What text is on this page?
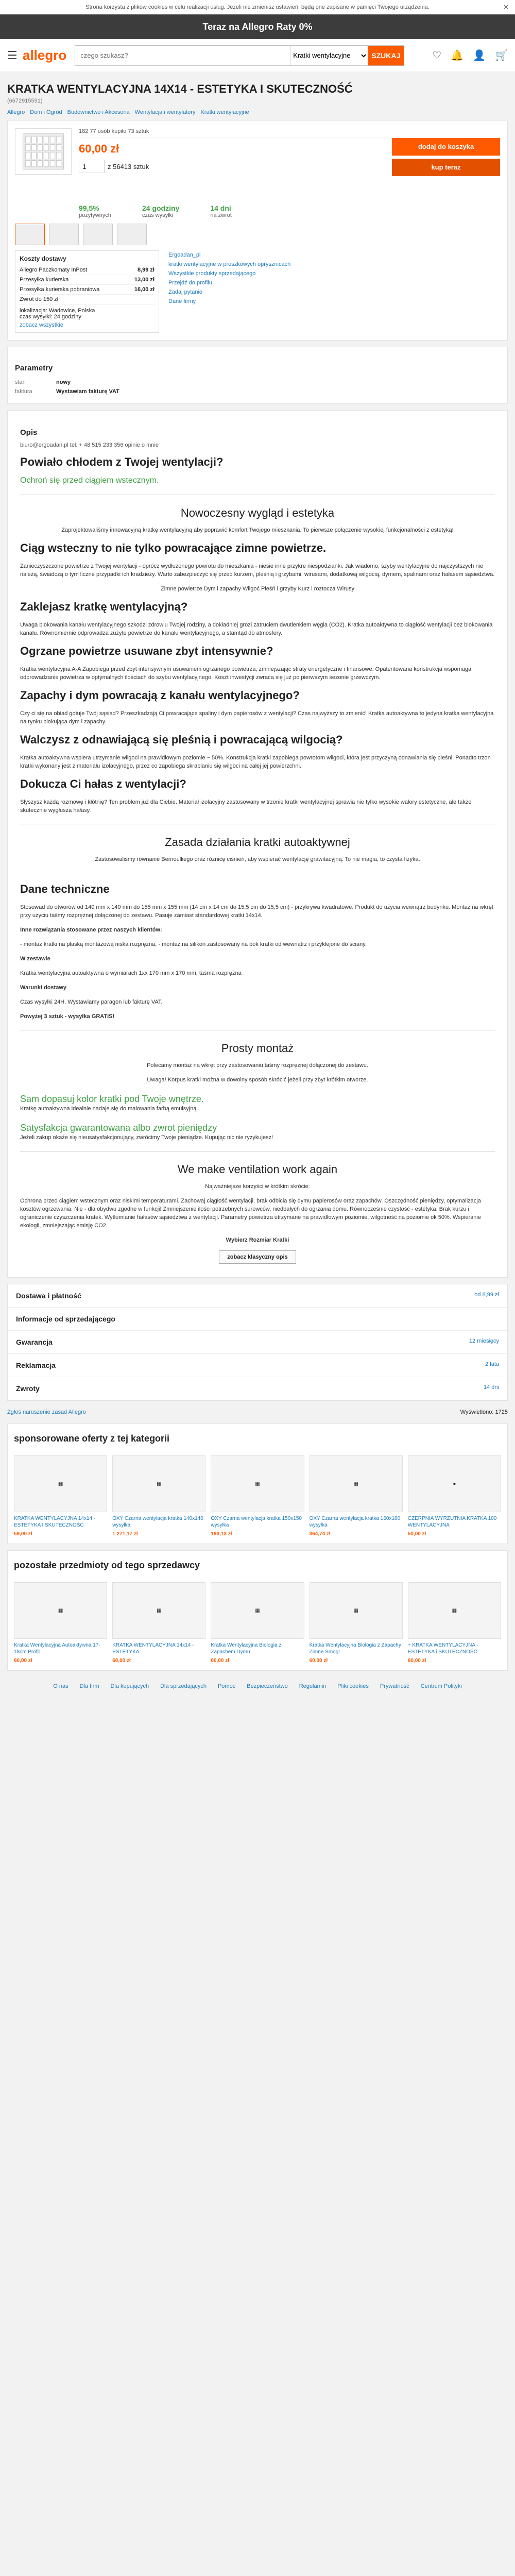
Strona korzysta z plików cookies w celu realizacji usług. Jeżeli nie zmienisz ustawień, będą one zapisane w pamięci Twojego urządzenia.	✕
Teraz na Allegro Raty 0%
☰ allegro
czego szukasz?
Kratki wentylacyjne	SZUKAJ	♡ 🔔 👤 🛒
KRATKA WENTYLACYJNA 14X14 - ESTETYKA I SKUTECZNOŚĆ
(6672915591)
Allegro Dom i Ogród Budownictwo i Akcesoria Wentylacja i wentylatory Kratki wentylacyjne
182 77 osób kupiło 73 sztuk
dodaj do koszyka
kup teraz
60,00 zł
1
z 56413 sztuk
99,5%
pozytywnych
24 godziny
czas wysyłki
14 dni
na zwrot
Koszty dostawy
Allegro Paczkomaty InPost	8,99 zł
Przesyłka kurierska	13,00 zł
Przesyłka kurierska pobraniowa	16,00 zł
Zwrot do 150 zł
lokalizacja: Wadowice, Polska
czas wysyłki: 24 godziny
zobacz wszystkie
Ergoadan_pl
kratki wentylacyjne w proszkowych oprysznicach
Wszystkie produkty sprzedającego
Przejdź do profilu
Zadaj pytanie
Dane firmy
Parametry
stan	nowy
faktura	Wystawiam fakturę VAT
Opis
biuro@ergoadan.pl tel. + 48 515 233 356 opinie o mnie
Powiało chłodem z Twojej wentylacji?
Ochroń się przed ciągiem wstecznym.
Nowoczesny wygląd i estetyka
Zaprojektowaliśmy innowacyjną kratkę wentylacyjną aby poprawić komfort Twojego mieszkania. To pierwsze połączenie wysokiej funkcjonalności z estetyką!
Ciąg wsteczny to nie tylko powracające zimne powietrze.
Zanieczyszczone powietrze z Twojej wentylacji - oprócz wydłużonego powrotu do mieszkania - niesie inne przykre niespodzianki. Jak wiadomo, szyby wentylacyjne do najczystszych nie należą, świadczą o tym liczne przypadki ich kradzieży. Warto zabezpieczyć się przed kurzem, pleśnią i grzybami, wirusami, dodatkową wilgocią, dymem, spalinami oraz hałasem sąsiedztwa.
Zimne powietrze Dym i zapachy Wilgoć Pleśń i grzyby Kurz i roztocza Wirusy
Zaklejasz kratkę wentylacyjną?
Uwaga blokowania kanału wentylacyjnego szkodzi zdrowiu Twojej rodziny, a dokładniej grozi zatruciem dwutlenkiem węgla (CO2). Kratka autoaktywna to ciągłość wentylacji bez blokowania kanału. Równomiernie odprowadza zużyte powietrze do kanału wentylacyjnego, a stamtąd do atmosfery.
Ogrzane powietrze usuwane zbyt intensywnie?
Kratka wentylacyjna A-A Zapobiega przed zbyt intensywnym usuwaniem ogrzanego powietrza, zmniejszając straty energetyczne i finansowe. Opatentowana konstrukcja wspomaga odprowadzanie powietrza w optymalnych ilościach do szybu wentylacyjnego. Koszt inwestycji zwraca się już po pierwszym sezonie grzewczym.
Zapachy i dym powracają z kanału wentylacyjnego?
Czy ci się na obiad gotuje Twój sąsiad? Przeszkadzają Ci powracające spaliny i dym papierosów z wentylacji? Czas najwyższy to zmienić! Kratka autoaktywna to jedyna kratka wentylacyjna na rynku blokująca dym i zapachy.
Walczysz z odnawiającą się pleśnią i powracającą wilgocią?
Kratka autoaktywna wspiera utrzymanie wilgoci na prawidłowym poziomie ~ 50%. Konstrukcja kratki zapobiega powrotom wilgoci, która jest przyczyną odnawiania się pleśni. Ponadto trzon kratki wykonany jest z materiału izolacyjnego, przez co zapobiega skraplaniu się wilgoci na całej jej powierzchni.
Dokucza Ci hałas z wentylacji?
Słyszysz każdą rozmowę i kłótnię? Ten problem już dla Ciebie. Materiał izolacyjny zastosowany w trzonie kratki wentylacyjnej sprawia nie tylko wysokie walory estetyczne, ale także skutecznie wygłusza hałasy.
Zasada działania kratki autoaktywnej
Zastosowaliśmy równanie Bernoulliego oraz różnicę ciśnień, aby wspierać wentylację grawitacyjną. To nie magia, to czysta fizyka.
Dane techniczne
Stosowad do otworów od 140 mm x 140 mm do 155 mm x 155 mm (14 cm x 14 cm do 15,5 cm do 15,5 cm) - przykrywa kwadratowe. Produkt do użycia wewnątrz budynku. Montaż na wkręt przy użyciu taśmy rozprężnej dołączonej do zestawu. Pasuje zamiast standardowej kratki 14x14.
Inne rozwiązania stosowane przez naszych klientów:
- montaż kratki na płaską montażową niska rozprężna, - montaż na silikon zastosowany na bok kratki od wewnątrz i przyklejone do ściany.
W zestawie
Kratka wentylacyjna autoaktywna o wymiarach 1xx 170 mm x 170 mm, taśma rozprężna
Warunki dostawy
Czas wysyłki 24H. Wystawiamy paragon lub fakturę VAT.
Powyżej 3 sztuk - wysyłka GRATIS!
Prosty montaż
Polecamy montaż na wkręt przy zastosowaniu taśmy rozprężnej dołączonej do zestawu.
Uwaga! Korpus kratki można w dowolny sposób skrócić jeżeli przy zbyt krótkim otworze.
Sam dopasuj kolor kratki pod Twoje wnętrze.
Kratkę autoaktywna idealnie nadaje się do malowania farbą emulsyjną.
Satysfakcja gwarantowana albo zwrot pieniędzy
Jeżeli zakup okaże się nieusatysfakcjonujący, zwrócimy Twoje pieniądze. Kupując nic nie ryzykujesz!
We make ventilation work again
Najważniejsze korzyści w krótkim skrócie:
Ochrona przed ciągiem wstecznym oraz niskimi temperaturami. Zachowaj ciągłość wentylacji, brak odbicia się dymu papierosów oraz zapachów. Oszczędność pieniędzy, optymalizacja kosztów ogrzewania. Nie - dla obydwu zgodne w funkcji! Zmniejszenie ilości potrzebnych surowców, niedbałych do ogrzania domu. Równocześnie czystość - estetyka. Brak kurzu i ograniczenie czyszczenia kratek. Wytłumianie hałasów sąsiedztwa z wentylacji. Parametry powietrza utrzymane na prawidłowym poziomie, wilgotność na poziomie ok 50%. Wspieranie ekologii, zmniejszając emisję CO2.
Wybierz Rozmiar Kratki
zobacz klasyczny opis
Dostawa i płatność	od 8,99 zł
Informacje od sprzedającego
Gwarancja	12 miesięcy
Reklamacja	2 lata
Zwroty	14 dni
Zgłoś naruszenie zasad Allegro	Wyświetlono: 1725
sponsorowane oferty z tej kategorii
▦
KRATKA WENTYLACYJNA 14x14 - ESTETYKA I SKUTECZNOŚĆ
59,00 zł
▦
OXY Czarna wentylacja kratka 140x140 wysyłka
1 271,17 zł
▦
OXY Czarna wentylacja kratka 150x150 wysyłka
193,13 zł
▦
OXY Czarna wentylacja kratka 160x160 wysyłka
364,74 zł
●
CZERPNIA WYRZUTNIA KRATKA 100 WENTYLACYJNA
50,00 zł
pozostałe przedmioty od tego sprzedawcy
▦
Kratka Wentylacyjna Autoaktywna 17-18cm Profil
60,00 zł
▦
KRATKA WENTYLACYJNA 14x14 - ESTETYKA
60,00 zł
▦
Kratka Wentylacyjna Biologia z Zapachem Dymu
60,00 zł
▦
Kratka Wentylacyjna Biologia z Zapachy Zimne Smog!
60,00 zł
▦
+ KRATKA WENTYLACYJNA - ESTETYKA i SKUTECZNOŚĆ
60,00 zł
O nas Dla firm Dla kupujących Dla sprzedających Pomoc Bezpieczeństwo Regulamin Pliki cookies Prywatność Centrum Polityki
